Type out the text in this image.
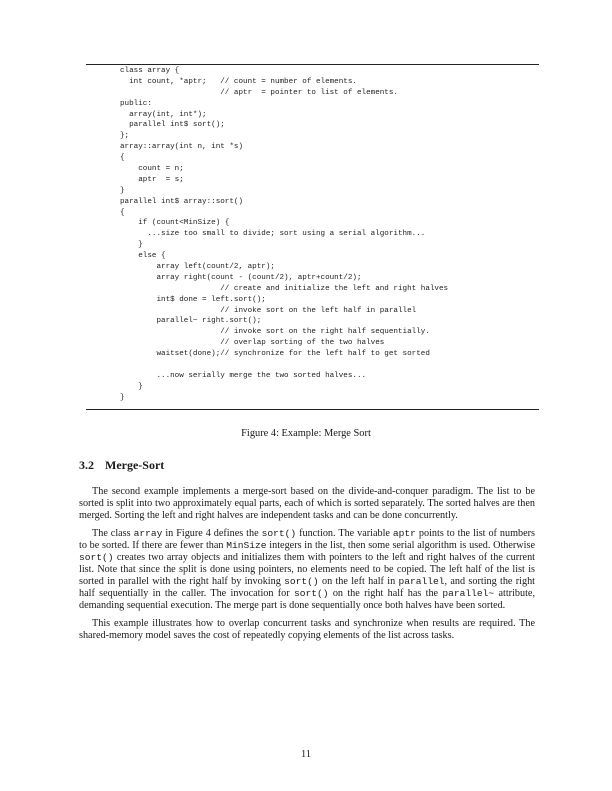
class array {
int count, *aptr;   // count = number of elements.
// aptr  = pointer to list of elements.
public:
array(int, int*);
parallel int$ sort();
};
array::array(int n, int *s)
{
count = n;
aptr  = s;
}
parallel int$ array::sort()
{
if (count<MinSize) {
...size too small to divide; sort using a serial algorithm...
}
else {
array left(count/2, aptr);
array right(count - (count/2), aptr+count/2);
// create and initialize the left and right halves
int$ done = left.sort();
// invoke sort on the left half in parallel
parallel~ right.sort();
// invoke sort on the right half sequentially.
// overlap sorting of the two halves
waitset(done);// synchronize for the left half to get sorted
...now serially merge the two sorted halves...
}
}
Figure 4: Example: Merge Sort
3.2 Merge-Sort

The second example implements a merge-sort based on the divide-and-conquer paradigm. The list to be sorted is split into two approximately equal parts, each of which is sorted separately. The sorted halves are then merged. Sorting the left and right halves are independent tasks and can be done concurrently.

The class array in Figure 4 defines the sort() function. The variable aptr points to the list of numbers to be sorted. If there are fewer than MinSize integers in the list, then some serial algorithm is used. Otherwise sort() creates two array objects and initializes them with pointers to the left and right halves of the current list. Note that since the split is done using pointers, no elements need to be copied. The left half of the list is sorted in parallel with the right half by invoking sort() on the left half in parallel, and sorting the right half sequentially in the caller. The invocation for sort() on the right half has the parallel~ attribute, demanding sequential execution. The merge part is done sequentially once both halves have been sorted.

This example illustrates how to overlap concurrent tasks and synchronize when results are required. The shared-memory model saves the cost of repeatedly copying elements of the list across tasks.

11
